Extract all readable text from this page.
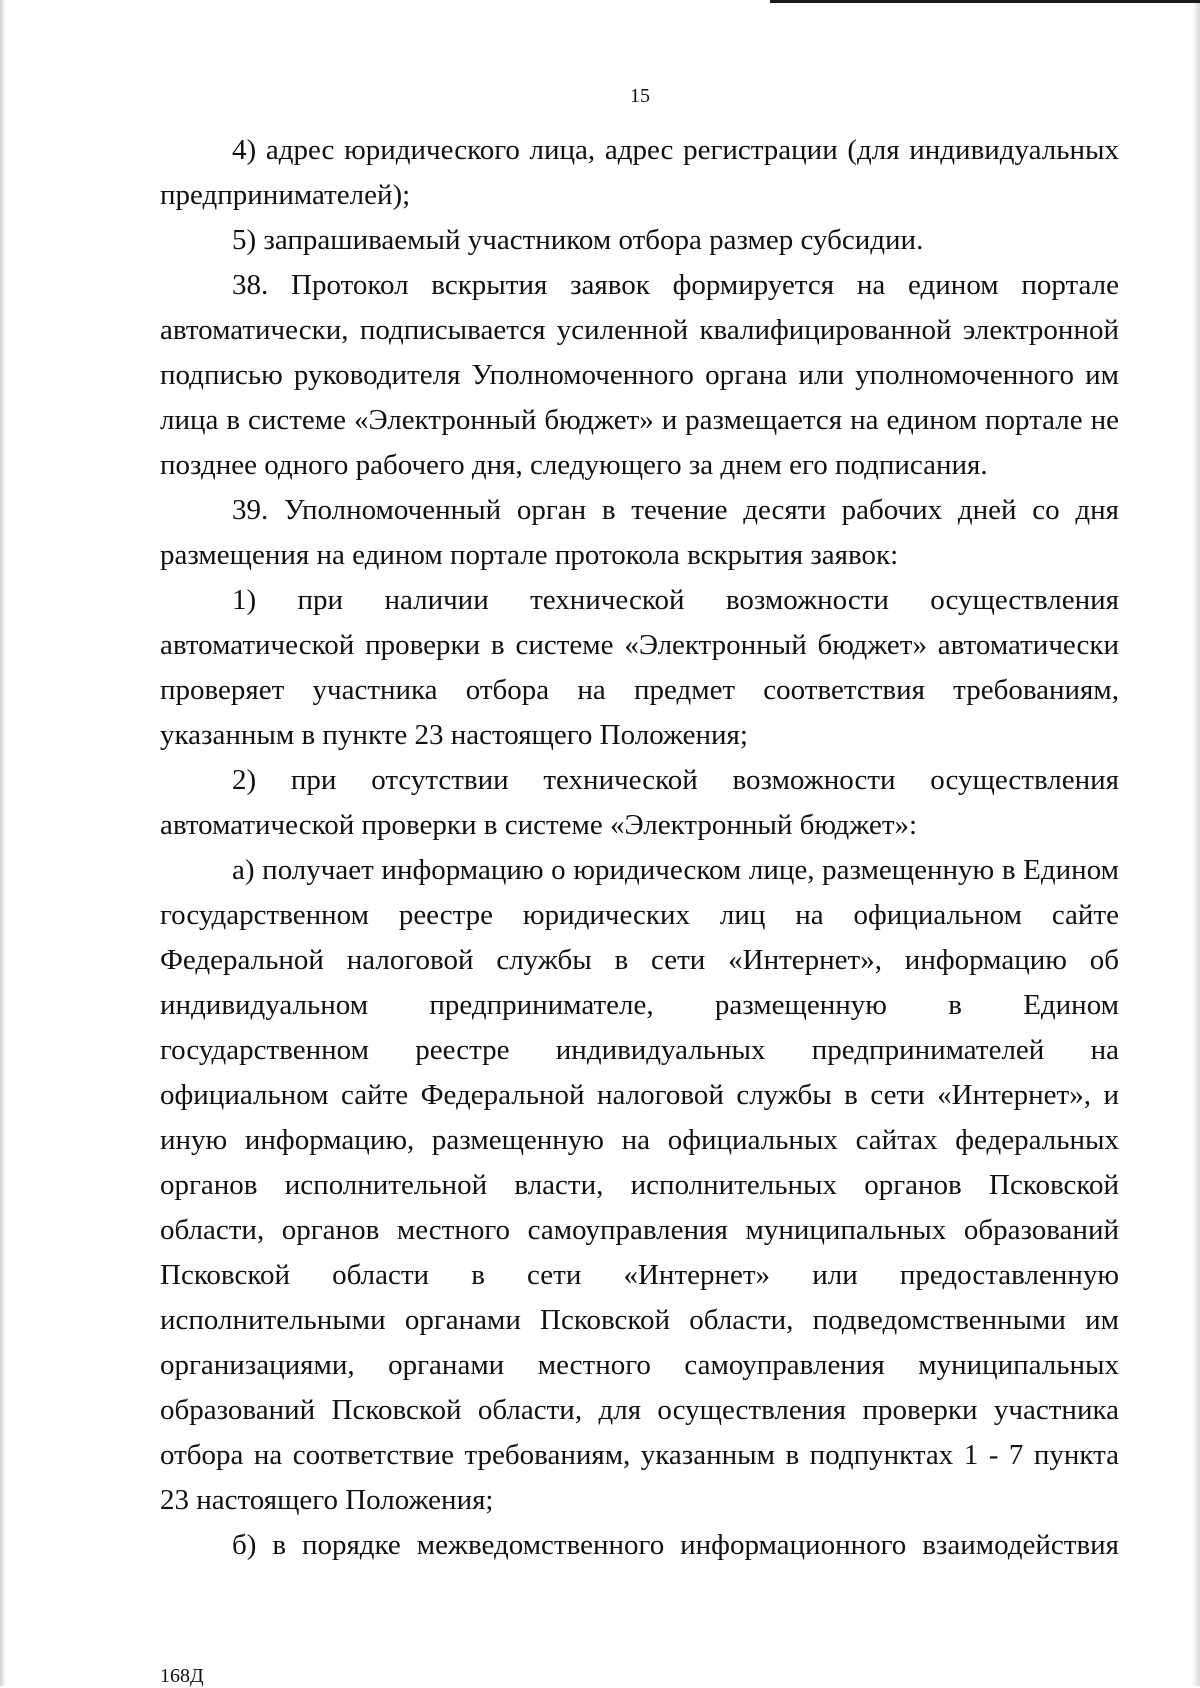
15

4) адрес юридического лица, адрес регистрации (для индивидуальных предпринимателей);

5) запрашиваемый участником отбора размер субсидии.

38. Протокол вскрытия заявок формируется на едином портале автоматически, подписывается усиленной квалифицированной электронной подписью руководителя Уполномоченного органа или уполномоченного им лица в системе «Электронный бюджет» и размещается на едином портале не позднее одного рабочего дня, следующего за днем его подписания.

39. Уполномоченный орган в течение десяти рабочих дней со дня размещения на едином портале протокола вскрытия заявок:

1) при наличии технической возможности осуществления автоматической проверки в системе «Электронный бюджет» автоматически проверяет участника отбора на предмет соответствия требованиям, указанным в пункте 23 настоящего Положения;

2) при отсутствии технической возможности осуществления автоматической проверки в системе «Электронный бюджет»:

а) получает информацию о юридическом лице, размещенную в Едином государственном реестре юридических лиц на официальном сайте Федеральной налоговой службы в сети «Интернет», информацию об индивидуальном предпринимателе, размещенную в Едином государственном реестре индивидуальных предпринимателей на официальном сайте Федеральной налоговой службы в сети «Интернет», и иную информацию, размещенную на официальных сайтах федеральных органов исполнительной власти, исполнительных органов Псковской области, органов местного самоуправления муниципальных образований Псковской области в сети «Интернет» или предоставленную исполнительными органами Псковской области, подведомственными им организациями, органами местного самоуправления муниципальных образований Псковской области, для осуществления проверки участника отбора на соответствие требованиям, указанным в подпунктах 1 - 7 пункта 23 настоящего Положения;

б) в порядке межведомственного информационного взаимодействия

168Д
